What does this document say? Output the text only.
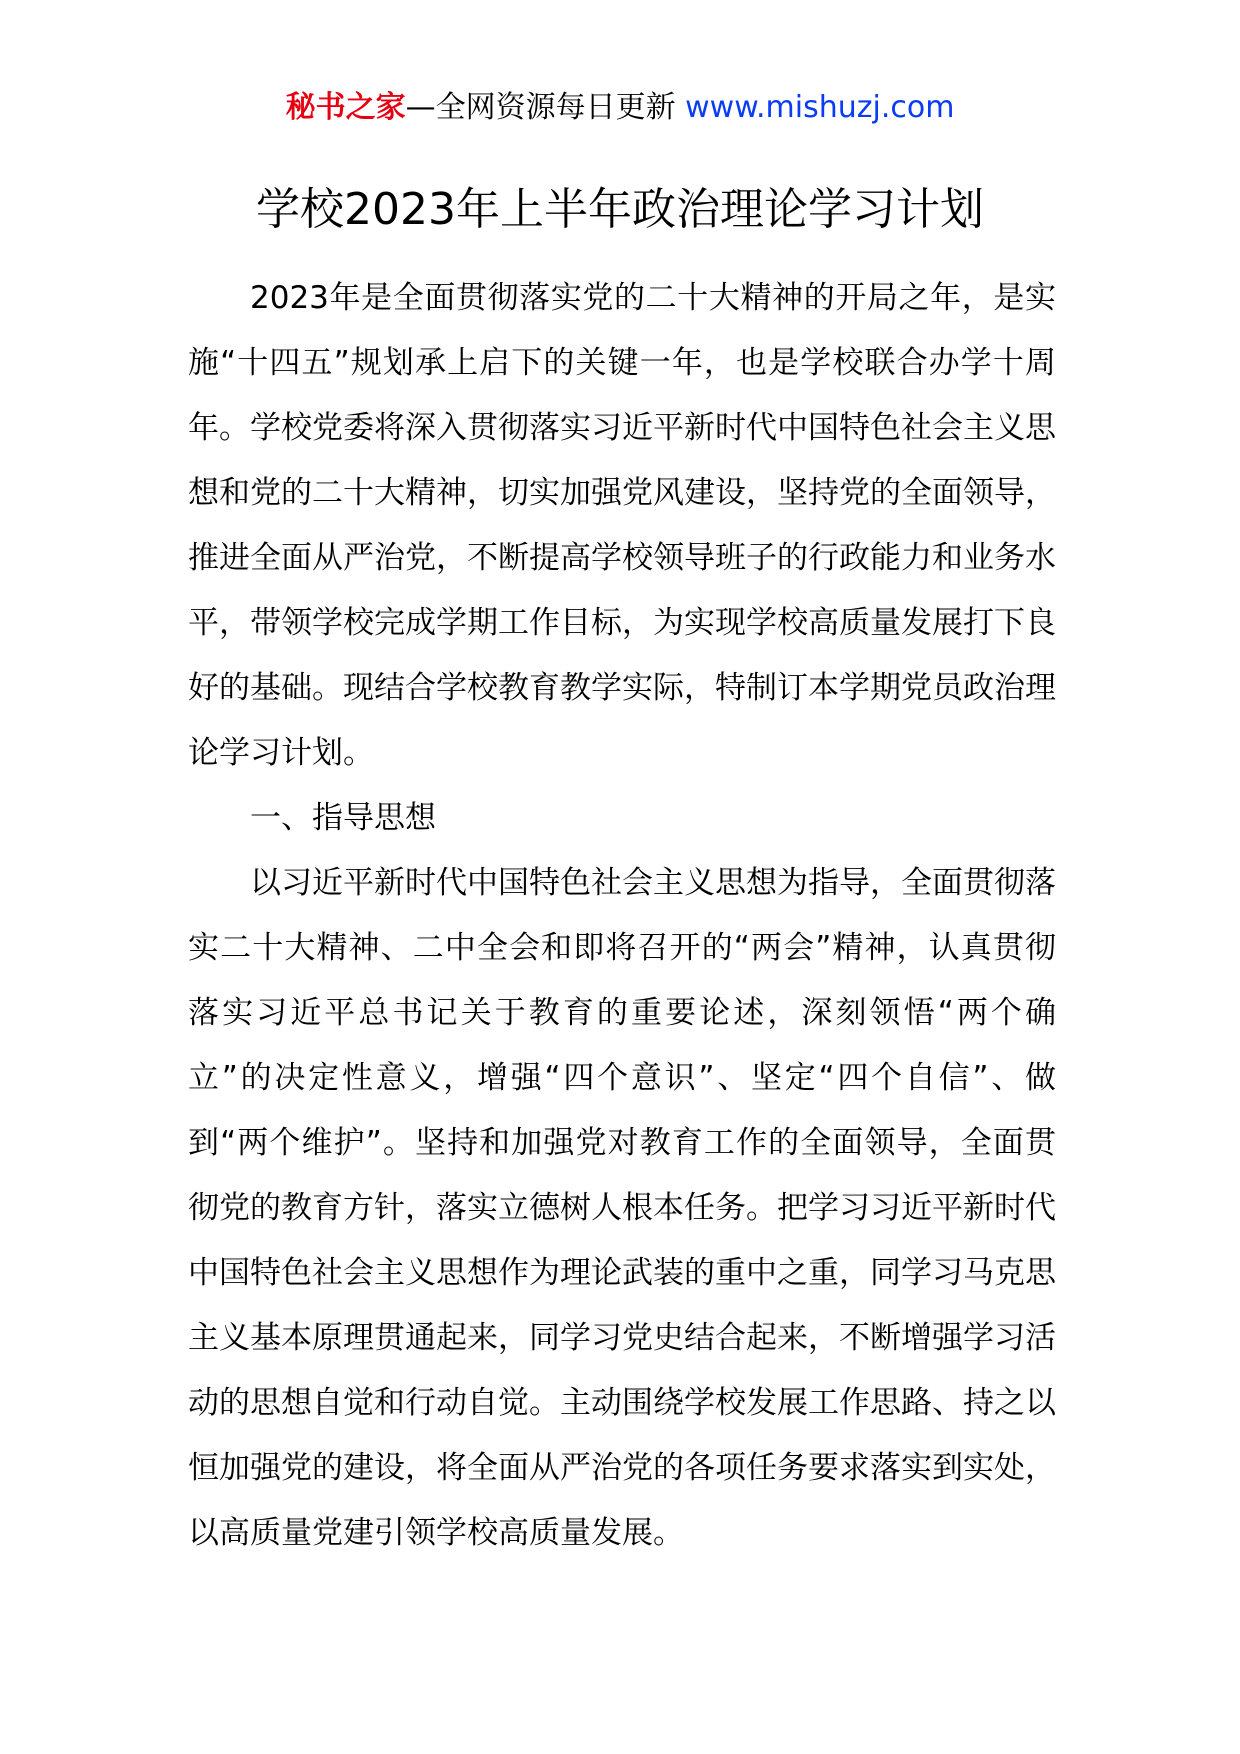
秘书之家—全网资源每日更新 www.mishuzj.com
学校2023年上半年政治理论学习计划

2023年是全面贯彻落实党的二十大精神的开局之年，是实施“十四五”规划承上启下的关键一年，也是学校联合办学十周年。学校党委将深入贯彻落实习近平新时代中国特色社会主义思想和党的二十大精神，切实加强党风建设，坚持党的全面领导，推进全面从严治党，不断提高学校领导班子的行政能力和业务水平，带领学校完成学期工作目标，为实现学校高质量发展打下良好的基础。现结合学校教育教学实际，特制订本学期党员政治理论学习计划。

一、指导思想

以习近平新时代中国特色社会主义思想为指导，全面贯彻落实二十大精神、二中全会和即将召开的“两会”精神，认真贯彻落实习近平总书记关于教育的重要论述，深刻领悟“两个确立”的决定性意义，增强“四个意识”、坚定“四个自信”、做到“两个维护”。坚持和加强党对教育工作的全面领导，全面贯彻党的教育方针，落实立德树人根本任务。把学习习近平新时代中国特色社会主义思想作为理论武装的重中之重，同学习马克思主义基本原理贯通起来，同学习党史结合起来，不断增强学习活动的思想自觉和行动自觉。主动围绕学校发展工作思路、持之以恒加强党的建设，将全面从严治党的各项任务要求落实到实处，以高质量党建引领学校高质量发展。
